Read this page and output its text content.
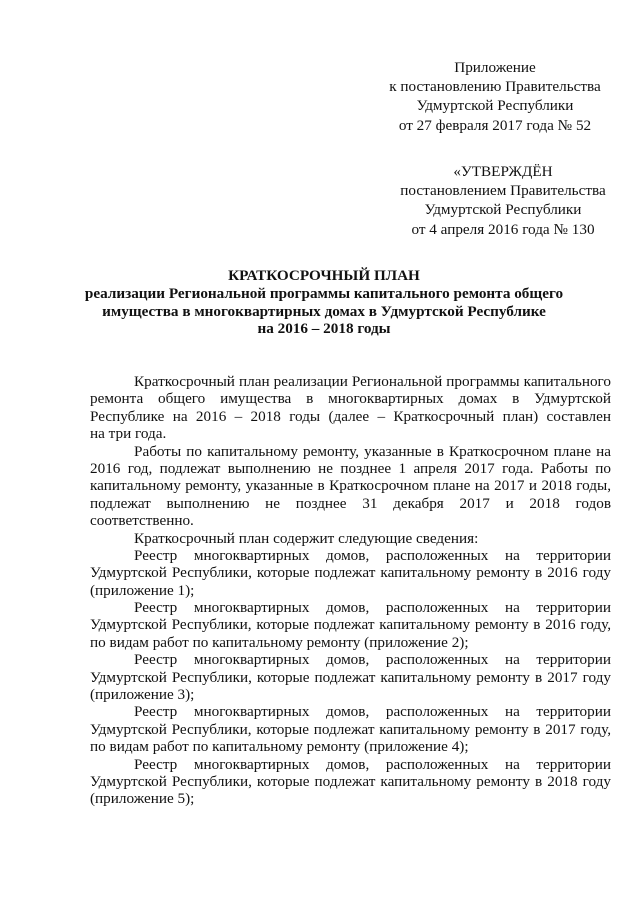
Приложение
к постановлению Правительства
Удмуртской Республики
от 27 февраля 2017 года № 52
«УТВЕРЖДЁН
постановлением Правительства
Удмуртской Республики
от 4 апреля 2016 года № 130
КРАТКОСРОЧНЫЙ ПЛАН
реализации Региональной программы капитального ремонта общего
имущества в многоквартирных домах в Удмуртской Республике
на 2016 – 2018 годы
Краткосрочный план реализации Региональной программы капитального
ремонта общего имущества в многоквартирных домах в Удмуртской
Республике на 2016 – 2018 годы (далее – Краткосрочный план) составлен
на три года.
Работы по капитальному ремонту, указанные в Краткосрочном плане на
2016 год, подлежат выполнению не позднее 1 апреля 2017 года. Работы по
капитальному ремонту, указанные в Краткосрочном плане на 2017 и 2018 годы,
подлежат выполнению не позднее 31 декабря 2017 и 2018 годов
соответственно.
Краткосрочный план содержит следующие сведения:
Реестр многоквартирных домов, расположенных на территории
Удмуртской Республики, которые подлежат капитальному ремонту в 2016 году
(приложение 1);
Реестр многоквартирных домов, расположенных на территории
Удмуртской Республики, которые подлежат капитальному ремонту в 2016 году,
по видам работ по капитальному ремонту (приложение 2);
Реестр многоквартирных домов, расположенных на территории
Удмуртской Республики, которые подлежат капитальному ремонту в 2017 году
(приложение 3);
Реестр многоквартирных домов, расположенных на территории
Удмуртской Республики, которые подлежат капитальному ремонту в 2017 году,
по видам работ по капитальному ремонту (приложение 4);
Реестр многоквартирных домов, расположенных на территории
Удмуртской Республики, которые подлежат капитальному ремонту в 2018 году
(приложение 5);
